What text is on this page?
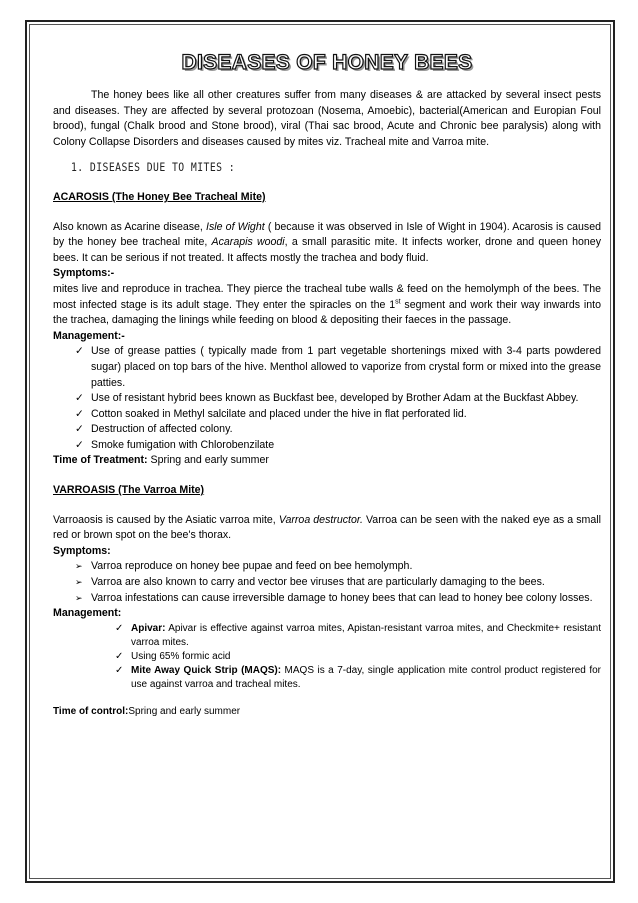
DISEASES OF HONEY BEES

The honey bees like all other creatures suffer from many diseases & are attacked by several insect pests and diseases. They are affected by several protozoan (Nosema, Amoebic), bacterial(American and Europian Foul brood), fungal (Chalk brood and Stone brood), viral (Thai sac brood, Acute and Chronic bee paralysis) along with Colony Collapse Disorders and diseases caused by mites viz. Tracheal mite and Varroa mite.

1. DISEASES DUE TO MITES :
ACAROSIS (The Honey Bee Tracheal Mite)

Also known as Acarine disease, Isle of Wight ( because it was observed in Isle of Wight in 1904). Acarosis is caused by the honey bee tracheal mite, Acarapis woodi, a small parasitic mite. It infects worker, drone and queen honey bees. It can be serious if not treated. It affects mostly the trachea and body fluid.

Symptoms:-

mites live and reproduce in trachea. They pierce the tracheal tube walls & feed on the hemolymph of the bees. The most infected stage is its adult stage. They enter the spiracles on the 1st segment and work their way inwards into the trachea, damaging the linings while feeding on blood & depositing their faeces in the passage.

Management:-
✓ Use of grease patties ( typically made from 1 part vegetable shortenings mixed with 3-4 parts powdered sugar) placed on top bars of the hive. Menthol allowed to vaporize from crystal form or mixed into the grease patties.
✓ Use of resistant hybrid bees known as Buckfast bee, developed by Brother Adam at the Buckfast Abbey.
✓ Cotton soaked in Methyl salcilate and placed under the hive in flat perforated lid.
✓ Destruction of affected colony.
✓ Smoke fumigation with Chlorobenzilate
Time of Treatment: Spring and early summer
VARROASIS (The Varroa Mite)

Varroaosis is caused by the Asiatic varroa mite, Varroa destructor. Varroa can be seen with the naked eye as a small red or brown spot on the bee's thorax.

Symptoms:
➢ Varroa reproduce on honey bee pupae and feed on bee hemolymph.
➢ Varroa are also known to carry and vector bee viruses that are particularly damaging to the bees.
➢ Varroa infestations can cause irreversible damage to honey bees that can lead to honey bee colony losses.
Management:
✓ Apivar: Apivar is effective against varroa mites, Apistan-resistant varroa mites, and Checkmite+ resistant varroa mites.
✓ Using 65% formic acid
✓ Mite Away Quick Strip (MAQS): MAQS is a 7-day, single application mite control product registered for use against varroa and tracheal mites.
Time of control:Spring and early summer
